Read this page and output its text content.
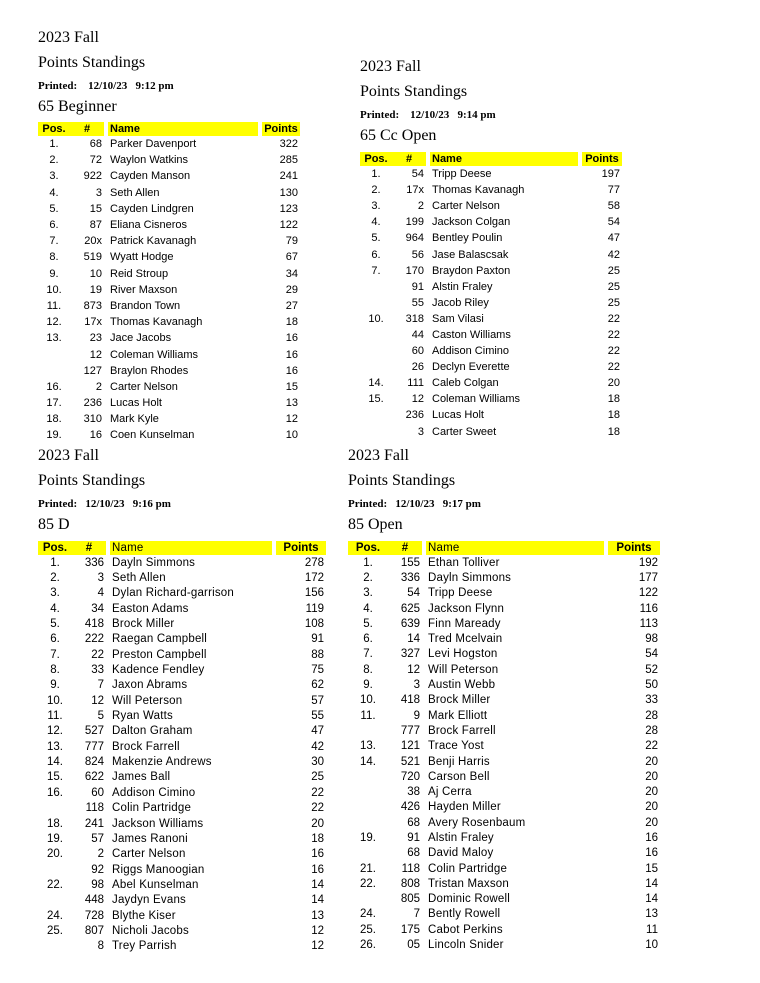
2023 Fall
Points Standings
Printed: 12/10/23 9:12 pm
65 Beginner
Pos.	#		Name		Points
1.	68		Parker Davenport		322
2.	72		Waylon Watkins		285
3.	922		Cayden Manson		241
4.	3		Seth Allen		130
5.	15		Cayden Lindgren		123
6.	87		Eliana Cisneros		122
7.	20x		Patrick Kavanagh		79
8.	519		Wyatt Hodge		67
9.	10		Reid Stroup		34
10.	19		River Maxson		29
11.	873		Brandon Town		27
12.	17x		Thomas Kavanagh		18
13.	23		Jace Jacobs		16
	12		Coleman Williams		16
	127		Braylon Rhodes		16
16.	2		Carter Nelson		15
17.	236		Lucas Holt		13
18.	310		Mark Kyle		12
19.	16		Coen Kunselman		10
2023 Fall
Points Standings
Printed: 12/10/23 9:14 pm
65 Cc Open
Pos.	#		Name		Points
1.	54		Tripp Deese		197
2.	17x		Thomas Kavanagh		77
3.	2		Carter Nelson		58
4.	199		Jackson Colgan		54
5.	964		Bentley Poulin		47
6.	56		Jase Balascsak		42
7.	170		Braydon Paxton		25
	91		Alstin Fraley		25
	55		Jacob Riley		25
10.	318		Sam Vilasi		22
	44		Caston Williams		22
	60		Addison Cimino		22
	26		Declyn Everette		22
14.	111		Caleb Colgan		20
15.	12		Coleman Williams		18
	236		Lucas Holt		18
	3		Carter Sweet		18
2023 Fall
Points Standings
Printed: 12/10/23 9:16 pm
85 D
Pos.	#		Name		Points
1.	336		Dayln Simmons		278
2.	3		Seth Allen		172
3.	4		Dylan Richard-garrison		156
4.	34		Easton Adams		119
5.	418		Brock Miller		108
6.	222		Raegan Campbell		91
7.	22		Preston Campbell		88
8.	33		Kadence Fendley		75
9.	7		Jaxon Abrams		62
10.	12		Will Peterson		57
11.	5		Ryan Watts		55
12.	527		Dalton Graham		47
13.	777		Brock Farrell		42
14.	824		Makenzie Andrews		30
15.	622		James Ball		25
16.	60		Addison Cimino		22
	118		Colin Partridge		22
18.	241		Jackson Williams		20
19.	57		James Ranoni		18
20.	2		Carter Nelson		16
	92		Riggs Manoogian		16
22.	98		Abel Kunselman		14
	448		Jaydyn Evans		14
24.	728		Blythe Kiser		13
25.	807		Nicholi Jacobs		12
	8		Trey Parrish		12
2023 Fall
Points Standings
Printed: 12/10/23 9:17 pm
85 Open
Pos.	#		Name		Points
1.	155		Ethan Tolliver		192
2.	336		Dayln Simmons		177
3.	54		Tripp Deese		122
4.	625		Jackson Flynn		116
5.	639		Finn Maready		113
6.	14		Tred Mcelvain		98
7.	327		Levi Hogston		54
8.	12		Will Peterson		52
9.	3		Austin Webb		50
10.	418		Brock Miller		33
11.	9		Mark Elliott		28
	777		Brock Farrell		28
13.	121		Trace Yost		22
14.	521		Benji Harris		20
	720		Carson Bell		20
	38		Aj Cerra		20
	426		Hayden Miller		20
	68		Avery Rosenbaum		20
19.	91		Alstin Fraley		16
	68		David Maloy		16
21.	118		Colin Partridge		15
22.	808		Tristan Maxson		14
	805		Dominic Rowell		14
24.	7		Bently Rowell		13
25.	175		Cabot Perkins		11
26.	05		Lincoln Snider		10
